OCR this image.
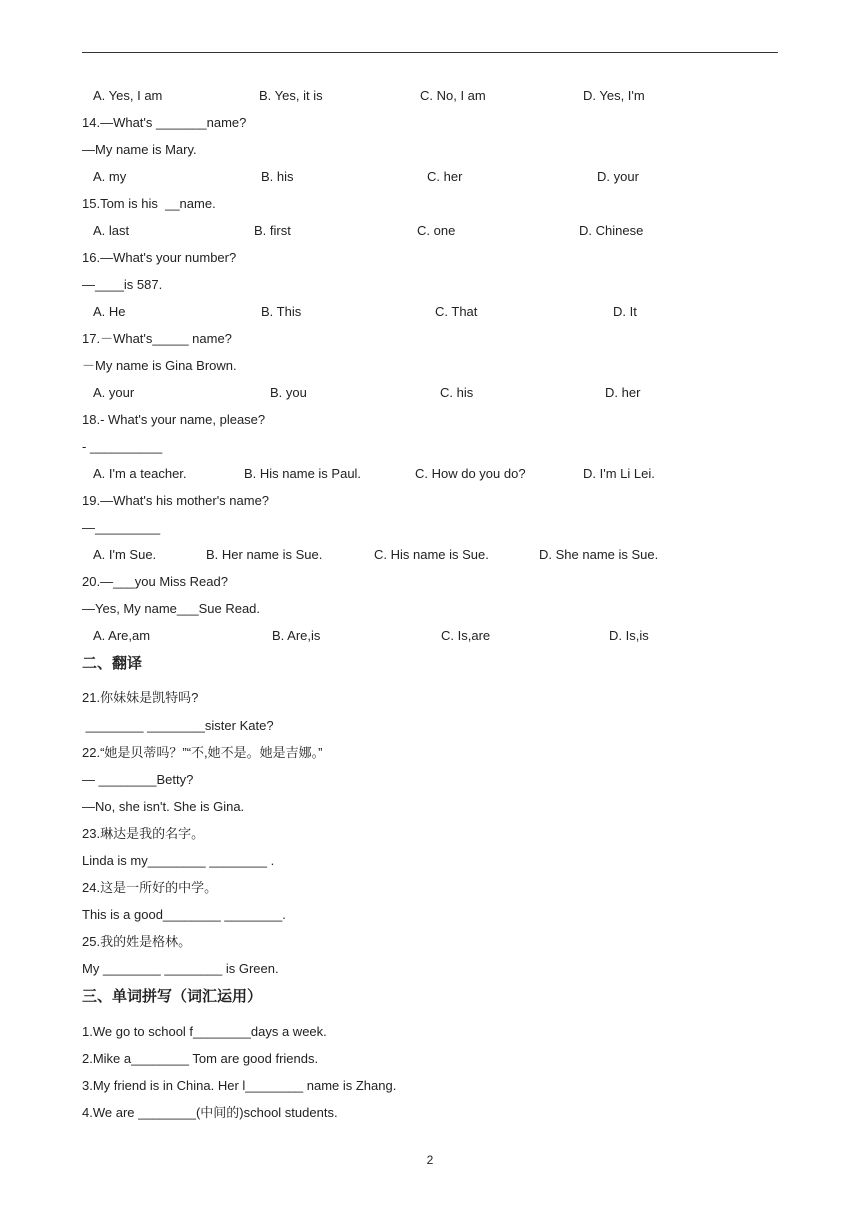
A. Yes, I am	B. Yes, it is	C. No, I am	D. Yes, I'm
14.—What's _______name?
—My name is Mary.
A. my	B. his	C. her	D. your
15.Tom is his  __name.
A. last	B. first	C. one	D. Chinese
16.—What's your number?
—____is 587.
A. He	B. This	C. That	D. It
17.－What's_____ name?
－My name is Gina Brown.
A. your	B. you	C. his	D. her
18.- What's your name, please?
- __________
A. I'm a teacher.	B. His name is Paul.	C. How do you do?	D. I'm Li Lei.
19.—What's his mother's name?
—_________
A. I'm Sue.	B. Her name is Sue.	C. His name is Sue.	D. She name is Sue.
20.—___you Miss Read?
—Yes, My name___Sue Read.
A. Are,am	B. Are,is	C. Is,are	D. Is,is
二、翻译
21.你妹妹是凯特吗?
________ ________sister Kate?
22.“她是贝蒂吗？”“不,她不是。她是吉娜。”
— ________Betty?
—No, she isn't. She is Gina.
23.琳达是我的名字。
Linda is my________ ________ .
24.这是一所好的中学。
This is a good________ ________.
25.我的姓是格林。
My ________ ________ is Green.
三、单词拼写（词汇运用）
1.We go to school f________days a week.
2.Mike a________ Tom are good friends.
3.My friend is in China. Her l________ name is Zhang.
4.We are ________(中间的)school students.
2
